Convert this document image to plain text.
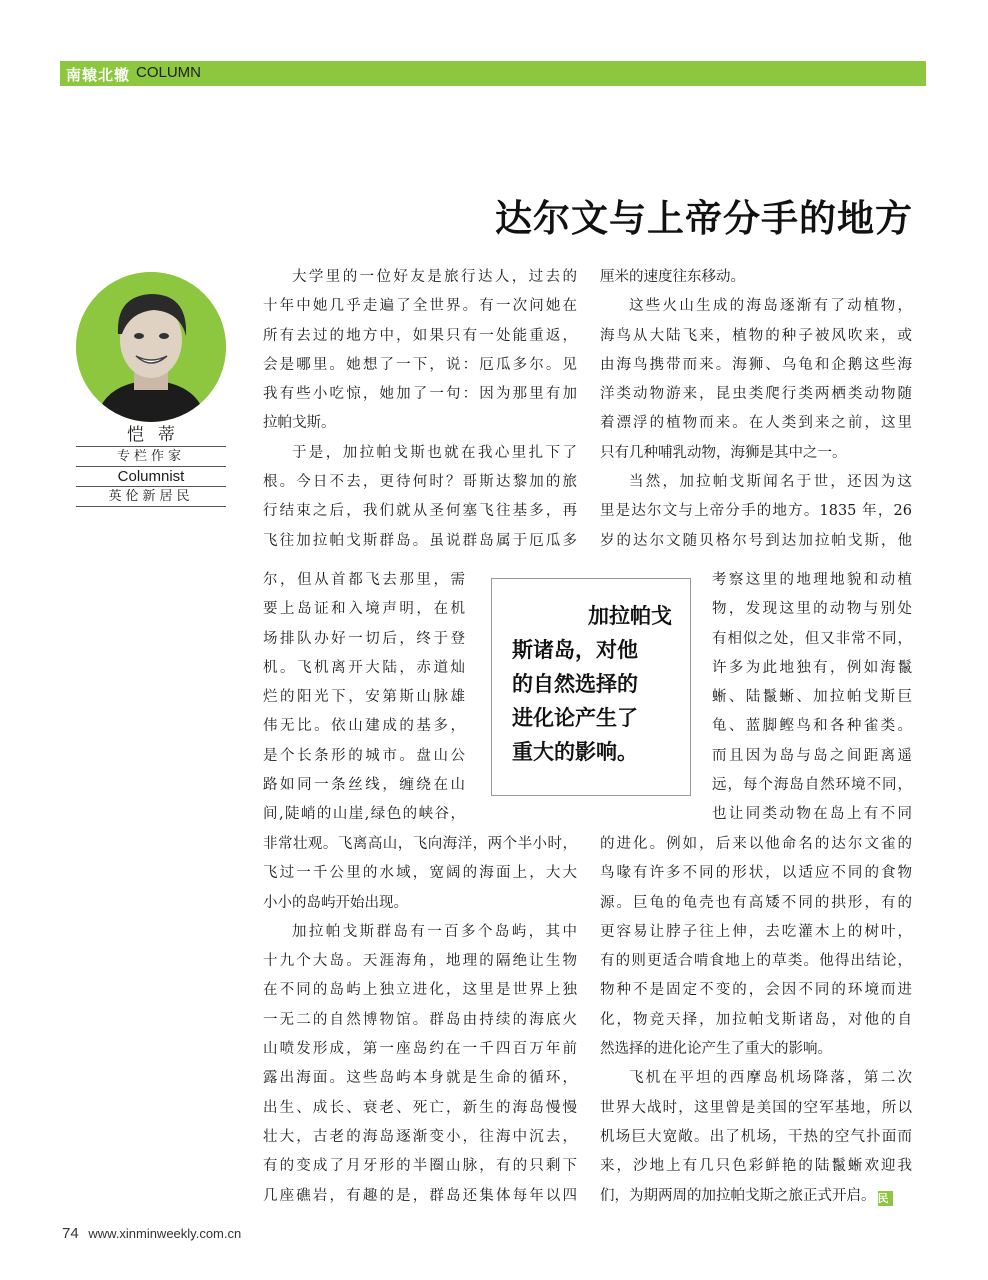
南辕北辙 COLUMN
达尔文与上帝分手的地方
恺蒂
专栏作家
Columnist
英伦新居民
大学里的一位好友是旅行达人，过去的
十年中她几乎走遍了全世界。有一次问她在
所有去过的地方中，如果只有一处能重返，
会是哪里。她想了一下，说：厄瓜多尔。见
我有些小吃惊，她加了一句：因为那里有加
拉帕戈斯。
于是，加拉帕戈斯也就在我心里扎下了
根。今日不去，更待何时？哥斯达黎加的旅
行结束之后，我们就从圣何塞飞往基多，再
飞往加拉帕戈斯群岛。虽说群岛属于厄瓜多
尔，但从首都飞去那里，需
要上岛证和入境声明，在机
场排队办好一切后，终于登
机。飞机离开大陆，赤道灿
烂的阳光下，安第斯山脉雄
伟无比。依山建成的基多，
是个长条形的城市。盘山公
路如同一条丝线，缠绕在山
间,陡峭的山崖,绿色的峡谷，
非常壮观。飞离高山，飞向海洋，两个半小时，
飞过一千公里的水域，宽阔的海面上，大大
小小的岛屿开始出现。
加拉帕戈斯群岛有一百多个岛屿，其中
十九个大岛。天涯海角，地理的隔绝让生物
在不同的岛屿上独立进化，这里是世界上独
一无二的自然博物馆。群岛由持续的海底火
山喷发形成，第一座岛约在一千四百万年前
露出海面。这些岛屿本身就是生命的循环，
出生、成长、衰老、死亡，新生的海岛慢慢
壮大，古老的海岛逐渐变小，往海中沉去，
有的变成了月牙形的半圈山脉，有的只剩下
几座礁岩，有趣的是，群岛还集体每年以四
厘米的速度往东移动。
这些火山生成的海岛逐渐有了动植物，
海鸟从大陆飞来，植物的种子被风吹来，或
由海鸟携带而来。海狮、乌龟和企鹅这些海
洋类动物游来，昆虫类爬行类两栖类动物随
着漂浮的植物而来。在人类到来之前，这里
只有几种哺乳动物，海狮是其中之一。
当然，加拉帕戈斯闻名于世，还因为这
里是达尔文与上帝分手的地方。1835 年，26
岁的达尔文随贝格尔号到达加拉帕戈斯，他
考察这里的地理地貌和动植
物，发现这里的动物与别处
有相似之处，但又非常不同，
许多为此地独有，例如海鬣
蜥、陆鬣蜥、加拉帕戈斯巨
龟、蓝脚鲣鸟和各种雀类。
而且因为岛与岛之间距离遥
远，每个海岛自然环境不同，
也让同类动物在岛上有不同
的进化。例如，后来以他命名的达尔文雀的
鸟喙有许多不同的形状，以适应不同的食物
源。巨龟的龟壳也有高矮不同的拱形，有的
更容易让脖子往上伸，去吃灌木上的树叶，
有的则更适合啃食地上的草类。他得出结论，
物种不是固定不变的，会因不同的环境而进
化，物竞天择，加拉帕戈斯诸岛，对他的自
然选择的进化论产生了重大的影响。
飞机在平坦的西摩岛机场降落，第二次
世界大战时，这里曾是美国的空军基地，所以
机场巨大宽敞。出了机场，干热的空气扑面而
来，沙地上有几只色彩鲜艳的陆鬣蜥欢迎我
们，为期两周的加拉帕戈斯之旅正式开启。 民
加拉帕戈
斯诸岛，对他
的自然选择的
进化论产生了
重大的影响。
74 www.xinminweekly.com.cn
